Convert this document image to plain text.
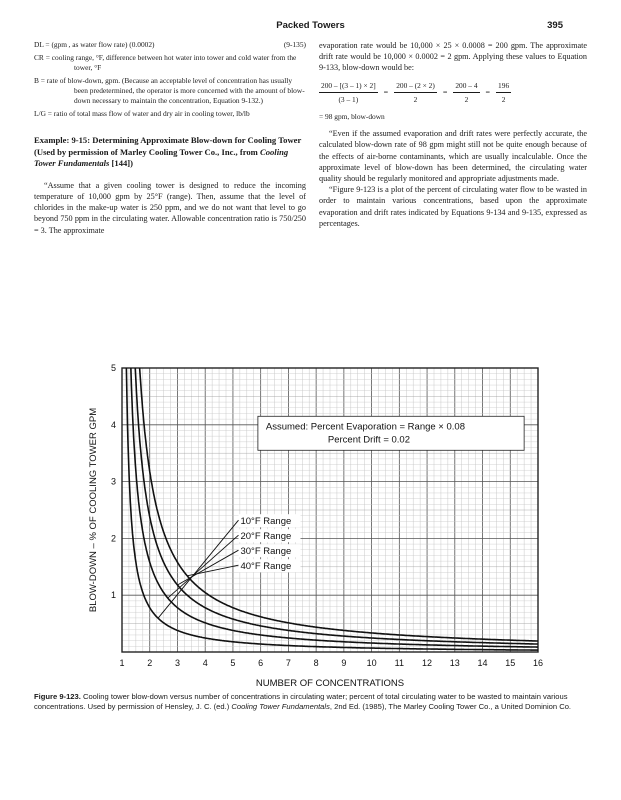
Packed Towers	395
DL = (gpm , as water flow rate) (0.0002)	(9-135)
CR = cooling range, °F, difference between hot water into tower and cold water from the tower, °F
B = rate of blow-down, gpm. (Because an acceptable level of concentration has usually been predetermined, the operator is more concerned with the amount of blow-down necessary to maintain the concentration, Equation 9-132.)
L/G = ratio of total mass flow of water and dry air in cooling tower, lb/lb
Example: 9-15: Determining Approximate Blow-down for Cooling Tower (Used by permission of Marley Cooling Tower Co., Inc., from Cooling Tower Fundamentals [144])

“Assume that a given cooling tower is designed to reduce the incoming temperature of 10,000 gpm by 25°F (range). Then, assume that the level of chlorides in the make-up water is 250 ppm, and we do not want that level to go beyond 750 ppm in the circulating water. Allowable concentration ratio is 750/250 = 3. The approximate

evaporation rate would be 10,000 × 25 × 0.0008 = 200 gpm. The approximate drift rate would be 10,000 × 0.0002 = 2 gpm. Applying these values to Equation 9-133, blow-down would be:

$\frac{200 - [(3 - 1) \times 2]}{(3 - 1)} = \frac{200 - (2 \times 2)}{2} = \frac{200 - 4}{2} = \frac{196}{2}$
= 98 gpm, blow-down

“Even if the assumed evaporation and drift rates were perfectly accurate, the calculated blow-down rate of 98 gpm might still not be quite enough because of the effects of air-borne contaminants, which are usually incalculable. Once the approximate level of blow-down has been determined, the circulating water quality should be regularly monitored and appropriate adjustments made.

“Figure 9-123 is a plot of the percent of circulating water flow to be wasted in order to maintain various concentrations, based upon the approximate evaporation and drift rates indicated by Equations 9-134 and 9-135, expressed as percentages.

Assumed: Percent Evaporation = Range × 0.08
Percent Drift = 0.02
10°F Range
20°F Range
30°F Range
40°F Range
1	2	3	4	5	6	7	8	9 10 11 12 13 14 15 16
1
2
3
4
5
NUMBER OF CONCENTRATIONS
BLOW-DOWN – % OF COOLING TOWER GPM
Figure 9-123. Cooling tower blow-down versus number of concentrations in circulating water; percent of total circulating water to be wasted to maintain various concentrations. Used by permission of Hensley, J. C. (ed.) Cooling Tower Fundamentals, 2nd Ed. (1985), The Marley Cooling Tower Co., a United Dominion Co.
